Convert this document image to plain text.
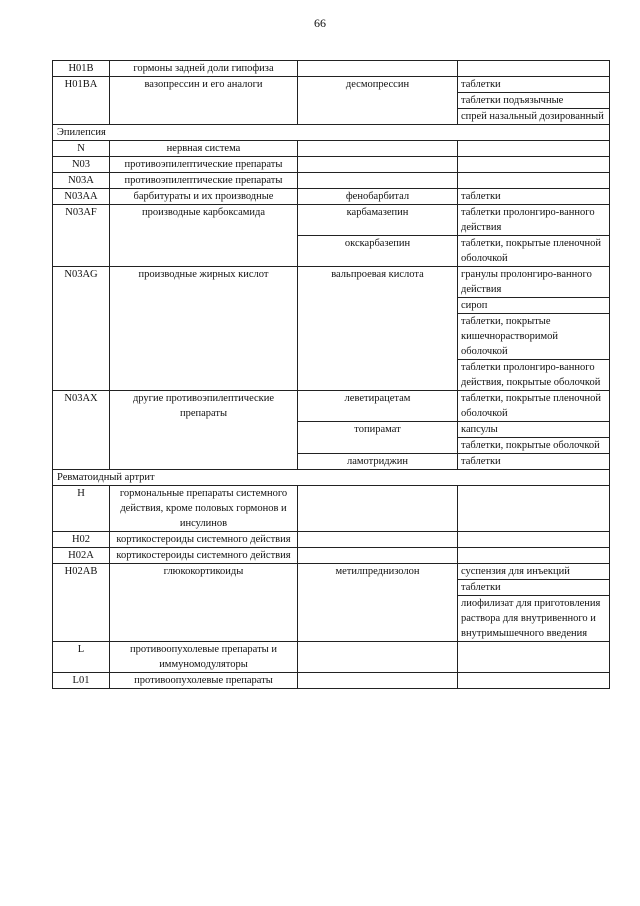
66
H01B	гормоны задней доли гипофиза		
H01BA	вазопрессин и его аналоги	десмопрессин	таблетки
			таблетки подъязычные
			спрей назальный дозированный
Эпилепсия			
N	нервная система		
N03	противоэпилептические препараты		
N03A	противоэпилептические препараты		
N03AA	барбитураты и их производные	фенобарбитал	таблетки
N03AF	производные карбоксамида	карбамазепин	таблетки пролонгиро-ванного действия
		окскарбазепин	таблетки, покрытые пленочной оболочкой
N03AG	производные жирных кислот	вальпроевая кислота	гранулы пролонгиро-ванного действия
			сироп
			таблетки, покрытые кишечнорастворимой оболочкой
			таблетки пролонгиро-ванного действия, покрытые оболочкой
N03AX	другие противоэпилептические препараты	леветирацетам	таблетки, покрытые пленочной оболочкой
		топирамат	капсулы
			таблетки, покрытые оболочкой
		ламотриджин	таблетки
Ревматоидный артрит			
H	гормональные препараты системного действия, кроме половых гормонов и инсулинов		
H02	кортикостероиды системного действия		
H02A	кортикостероиды системного действия		
H02AB	глюкокортикоиды	метилпреднизолон	суспензия для инъекций
			таблетки
			лиофилизат для приготовления раствора для внутривенного и внутримышечного введения
L	противоопухолевые препараты и иммуномодуляторы		
L01	противоопухолевые препараты		
